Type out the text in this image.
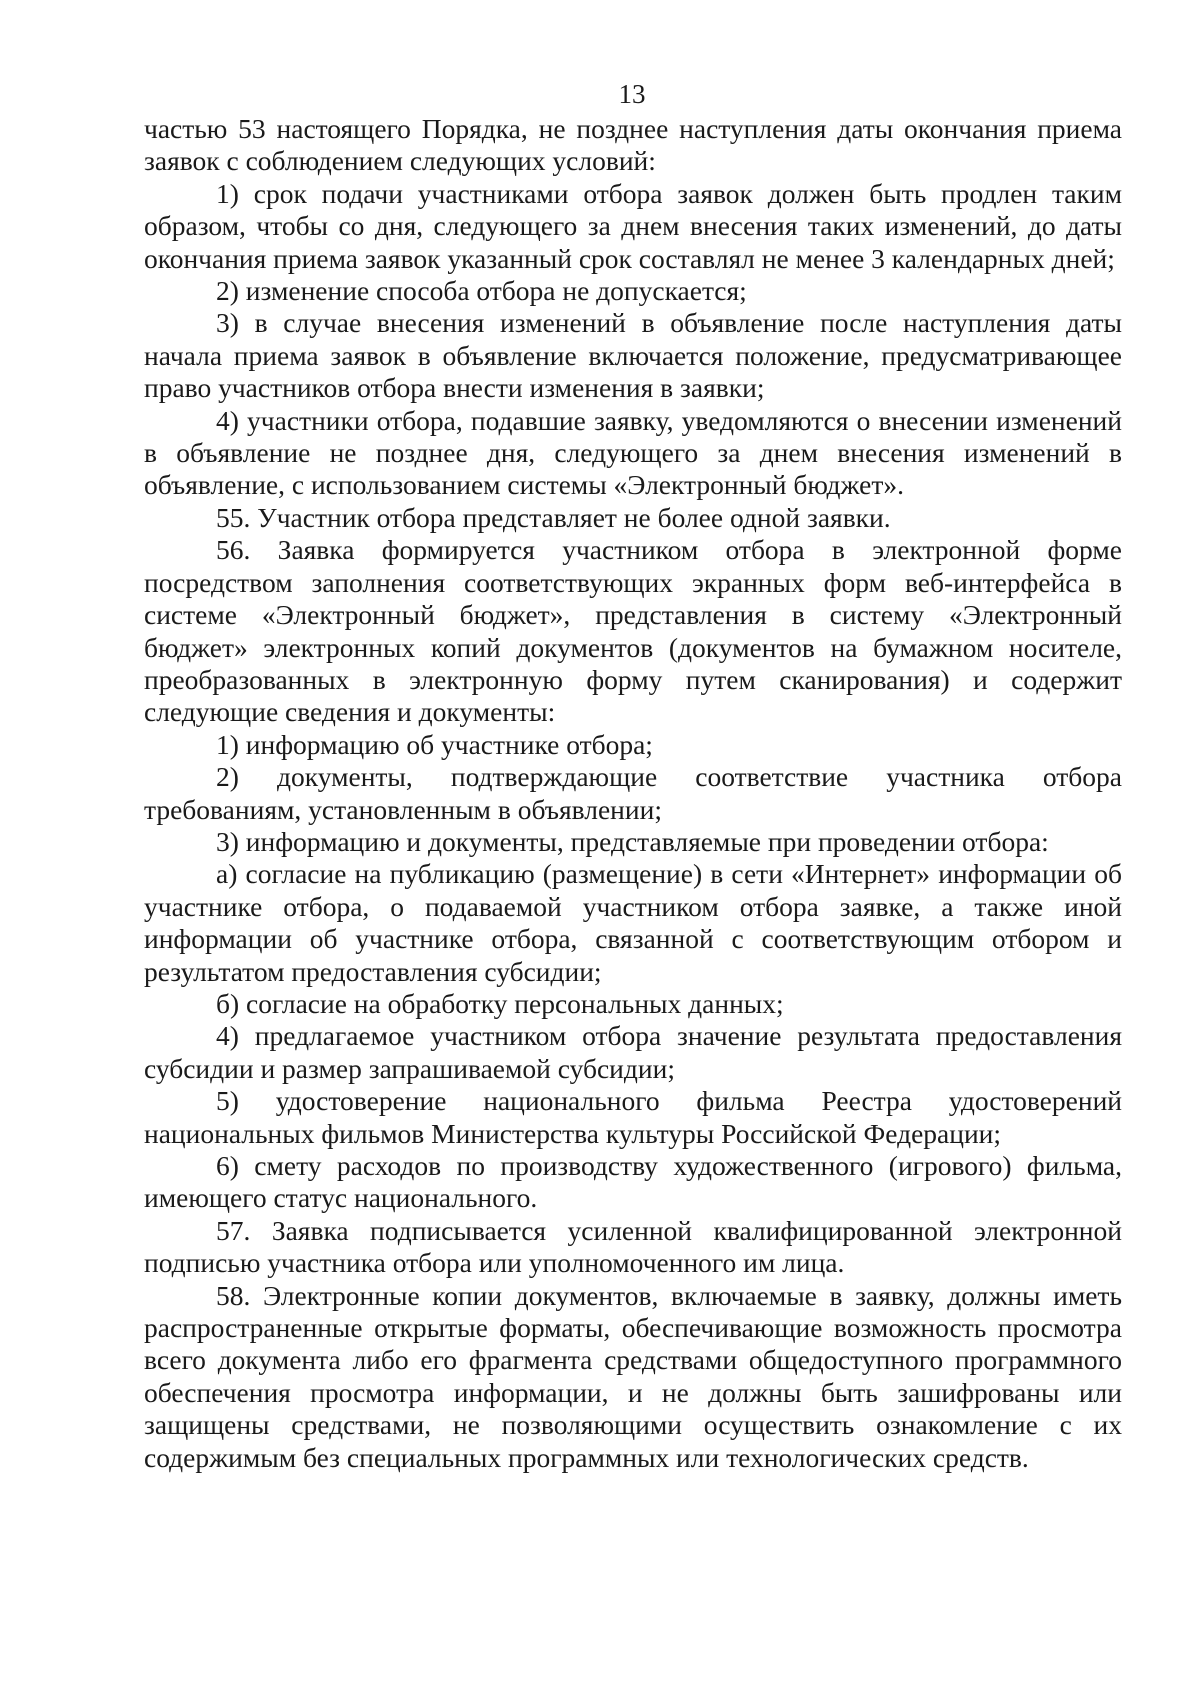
13

частью 53 настоящего Порядка, не позднее наступления даты окончания приема заявок с соблюдением следующих условий:

1) срок подачи участниками отбора заявок должен быть продлен таким образом, чтобы со дня, следующего за днем внесения таких изменений, до даты окончания приема заявок указанный срок составлял не менее 3 календарных дней;

2) изменение способа отбора не допускается;

3) в случае внесения изменений в объявление после наступления даты начала приема заявок в объявление включается положение, предусматривающее право участников отбора внести изменения в заявки;

4) участники отбора, подавшие заявку, уведомляются о внесении изменений в объявление не позднее дня, следующего за днем внесения изменений в объявление, с использованием системы «Электронный бюджет».

55. Участник отбора представляет не более одной заявки.

56. Заявка формируется участником отбора в электронной форме посредством заполнения соответствующих экранных форм веб-интерфейса в системе «Электронный бюджет», представления в систему «Электронный бюджет» электронных копий документов (документов на бумажном носителе, преобразованных в электронную форму путем сканирования) и содержит следующие сведения и документы:

1) информацию об участнике отбора;

2) документы, подтверждающие соответствие участника отбора требованиям, установленным в объявлении;

3) информацию и документы, представляемые при проведении отбора:

а) согласие на публикацию (размещение) в сети «Интернет» информации об участнике отбора, о подаваемой участником отбора заявке, а также иной информации об участнике отбора, связанной с соответствующим отбором и результатом предоставления субсидии;

б) согласие на обработку персональных данных;

4) предлагаемое участником отбора значение результата предоставления субсидии и размер запрашиваемой субсидии;

5) удостоверение национального фильма Реестра удостоверений национальных фильмов Министерства культуры Российской Федерации;

6) смету расходов по производству художественного (игрового) фильма, имеющего статус национального.

57. Заявка подписывается усиленной квалифицированной электронной подписью участника отбора или уполномоченного им лица.

58. Электронные копии документов, включаемые в заявку, должны иметь распространенные открытые форматы, обеспечивающие возможность просмотра всего документа либо его фрагмента средствами общедоступного программного обеспечения просмотра информации, и не должны быть зашифрованы или защищены средствами, не позволяющими осуществить ознакомление с их содержимым без специальных программных или технологических средств.
